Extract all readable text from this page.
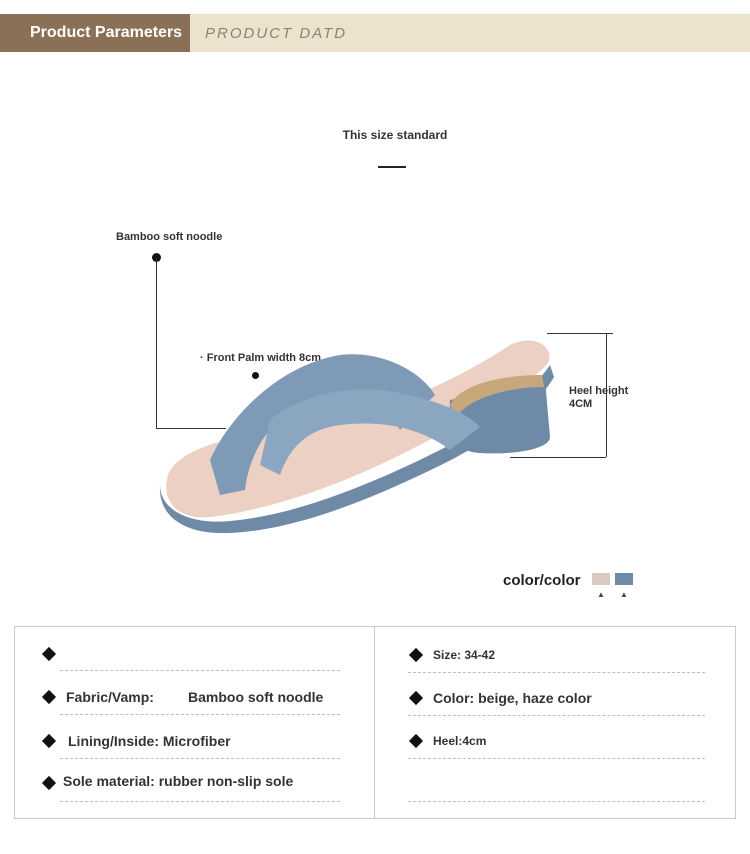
Product Parameters	PRODUCT DATD
This size standard
Bamboo soft noodle
· Front Palm width 8cm
Heel height
4CM
color/color
▲ ▲
Fabric/Vamp: Bamboo soft noodle
Lining/Inside: Microfiber
Sole material: rubber non-slip sole
Size: 34-42
Color: beige, haze color
Heel:4cm
